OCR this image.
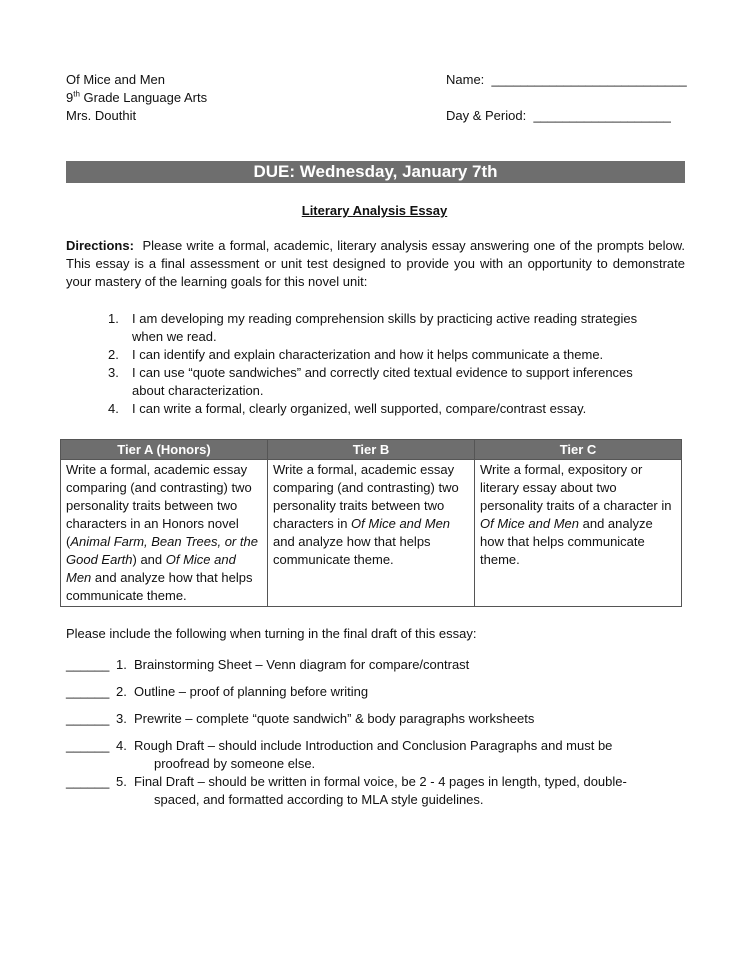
Of Mice and Men
9th Grade Language Arts
Mrs. Douthit
Name: ___________________________
Day & Period: ___________________
DUE: Wednesday, January 7th
Literary Analysis Essay
Directions: Please write a formal, academic, literary analysis essay answering one of the prompts below. This essay is a final assessment or unit test designed to provide you with an opportunity to demonstrate your mastery of the learning goals for this novel unit:
1. I am developing my reading comprehension skills by practicing active reading strategies when we read.
2. I can identify and explain characterization and how it helps communicate a theme.
3. I can use “quote sandwiches” and correctly cited textual evidence to support inferences about characterization.
4. I can write a formal, clearly organized, well supported, compare/contrast essay.
Tier A (Honors)	Tier B	Tier C
Write a formal, academic essay comparing (and contrasting) two personality traits between two characters in an Honors novel (Animal Farm, Bean Trees, or the Good Earth) and Of Mice and Men and analyze how that helps communicate theme.	Write a formal, academic essay comparing (and contrasting) two personality traits between two characters in Of Mice and Men and analyze how that helps communicate theme.	Write a formal, expository or literary essay about two personality traits of a character in Of Mice and Men and analyze how that helps communicate theme.
Please include the following when turning in the final draft of this essay:
______ 1. Brainstorming Sheet – Venn diagram for compare/contrast
______ 2. Outline – proof of planning before writing
______ 3. Prewrite – complete “quote sandwich” & body paragraphs worksheets
______ 4. Rough Draft – should include Introduction and Conclusion Paragraphs and must be
proofread by someone else.
______ 5. Final Draft – should be written in formal voice, be 2 - 4 pages in length, typed, double-
spaced, and formatted according to MLA style guidelines.
